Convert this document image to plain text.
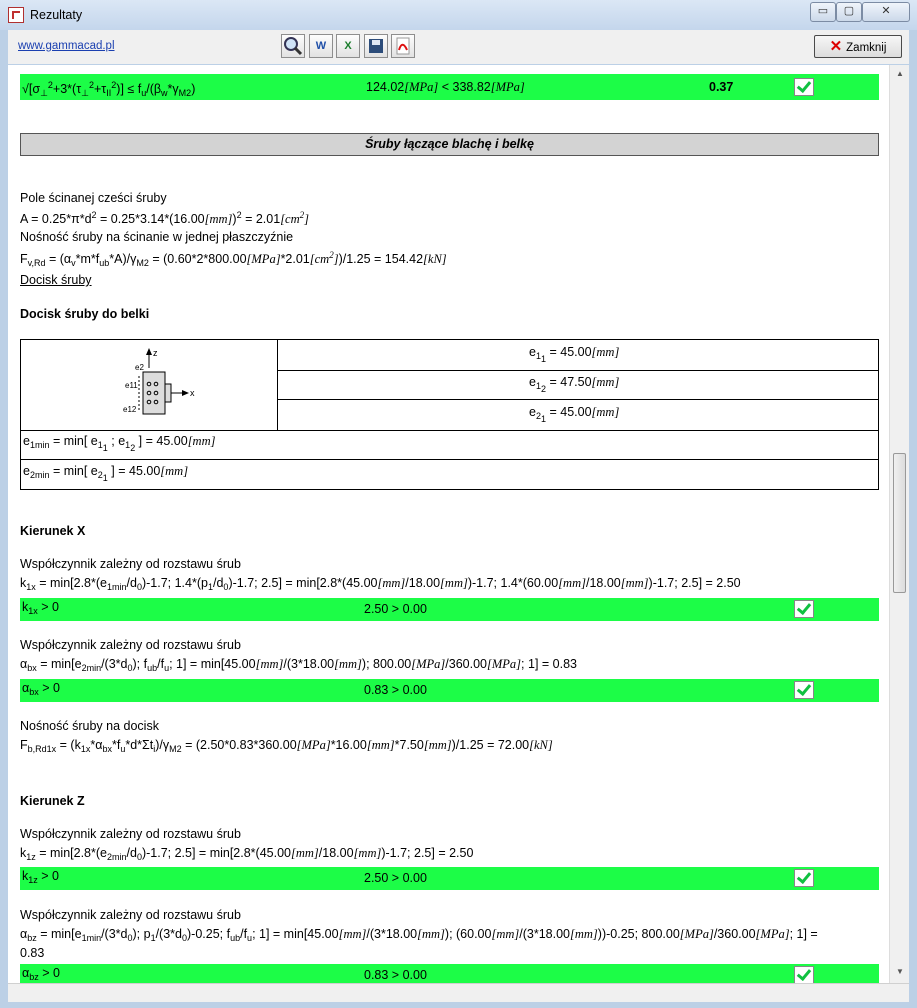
Rezultaty	▭	▢	✕
www.gammacad.pl	W	X	✕ Zamknij
$√[\sigma_\perp^2+3*(\tau_\perp^2+\tau_{II}^2)] \le f_u/(\beta_w*\gamma_{M2})$	124.02[MPa] < 338.82[MPa]	0.37
Śruby łączące blachę i belkę
Pole ścinanej cześci śruby
$A = 0.25*\pi*d^2 = 0.25*3.14*(16.00[mm])^2 = 2.01[cm^2]$
Nośność śruby na ścinanie w jednej płaszczyźnie
$F_{v,Rd} = (\alpha_v*m*f_{ub}*A)/\gamma_{M2} = (0.60*2*800.00[MPa]*2.01[cm^2])/1.25 = 154.42[kN]$
Docisk śruby
Docisk śruby do belki
z
e2
x
e11
e12
$e_{1_1} = 45.00[mm]$
$e_{1_2} = 47.50[mm]$
$e_{2_1} = 45.00[mm]$
$e_{1min} = \min$[ $e_{1_1}$ ; $e_{1_2}$ ] = 45.00[mm]
$e_{2min} = \min$[ $e_{2_1}$ ] = 45.00[mm]
Kierunek X
Współczynnik zależny od rozstawu śrub
$k_{1x} = \min[2.8*(e_{1min}/d_0)-1.7$; $1.4*(p_1/d_0)-1.7$; 2.5] = min[2.8*(45.00[mm]/18.00[mm])-1.7; 1.4*(60.00[mm]/18.00[mm])-1.7; 2.5] = 2.50
$k_{1x} > 0$	2.50 > 0.00
Współczynnik zależny od rozstawu śrub
$\alpha_{bx} = \min[e_{2min}/(3*d_0)$; $f_{ub}/f_u$; 1] = min[45.00[mm]/(3*18.00[mm]); 800.00[MPa]/360.00[MPa]; 1] = 0.83
$\alpha_{bx} > 0$	0.83 > 0.00
Nośność śruby na docisk
$F_{b,Rd1x} = (k_{1x}*\alpha_{bx}*f_u*d*\Sigma t_i)/\gamma_{M2} = (2.50*0.83*360.00[MPa]*16.00[mm]*7.50[mm])/1.25 = 72.00[kN]$
Kierunek Z
Współczynnik zależny od rozstawu śrub
$k_{1z} = \min[2.8*(e_{2min}/d_0)-1.7$; 2.5] = min[2.8*(45.00[mm]/18.00[mm])-1.7; 2.5] = 2.50
$k_{1z} > 0$	2.50 > 0.00
Współczynnik zależny od rozstawu śrub
$\alpha_{bz} = \min[e_{1min}/(3*d_0)$; $p_1/(3*d_0)-0.25$; $f_{ub}/f_u$; 1] = min[45.00[mm]/(3*18.00[mm]); (60.00[mm]/(3*18.00[mm]))-0.25; 800.00[MPa]/360.00[MPa]; 1] =
0.83
$\alpha_{bz} > 0$	0.83 > 0.00
▲
▼
